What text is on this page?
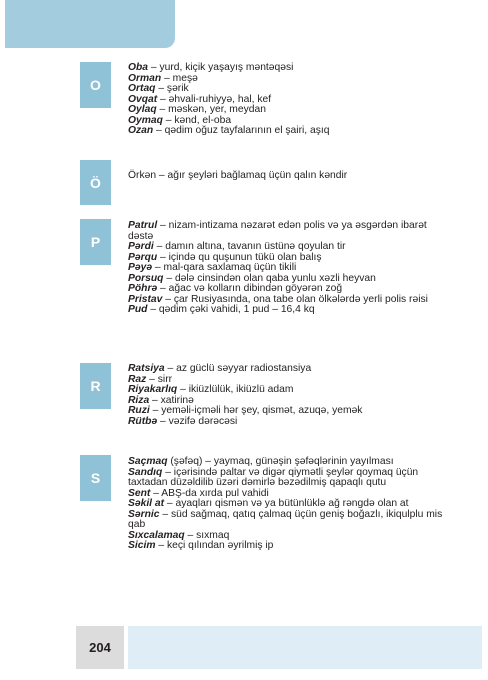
O

Oba – yurd, kiçik yaşayış məntəqəsi

Orman – meşə

Ortaq – şərik

Ovqat – əhvali-ruhiyyə, hal, kef

Oylaq – məskən, yer, meydan

Oymaq – kənd, el-oba

Ozan – qədim oğuz tayfalarının el şairi, aşıq

Ö	Örkən – ağır şeyləri bağlamaq üçün qalın kəndir

P

Patrul – nizam-intizama nəzarət edən polis və ya əsgərdən ibarət dəstə

Pərdi – damın altına, tavanın üstünə qoyulan tir

Pərqu – içində qu quşunun tükü olan balış

Pəyə – mal-qara saxlamaq üçün tikili

Porsuq – dələ cinsindən olan qaba yunlu xəzli heyvan

Pöhrə – ağac və kolların dibindən göyərən zoğ

Pristav – çar Rusiyasında, ona tabe olan ölkələrdə yerli polis rəisi

Pud – qədim çəki vahidi, 1 pud – 16,4 kq

R

Ratsiya – az güclü səyyar radiostansiya

Raz – sirr

Riyakarlıq – ikiüzlülük, ikiüzlü adam

Riza – xatirinə

Ruzi – yeməli-içməli hər şey, qismət, azuqə, yemək

Rütbə – vəzifə dərəcəsi

S

Saçmaq (şəfəq) – yaymaq, günəşin şəfəqlərinin yayılması

Sandıq – içərisində paltar və digər qiymətli şeylər qoymaq üçün taxtadan düzəldilib üzəri dəmirlə bəzədilmiş qapaqlı qutu

Sent – ABŞ-da xırda pul vahidi

Səkil at – ayaqları qismən və ya bütünlüklə ağ rəngdə olan at

Sərnic – süd sağmaq, qatıq çalmaq üçün geniş boğazlı, ikiqulplu mis qab

Sıxcalamaq – sıxmaq

Sicim – keçi qılından əyrilmiş ip

204
